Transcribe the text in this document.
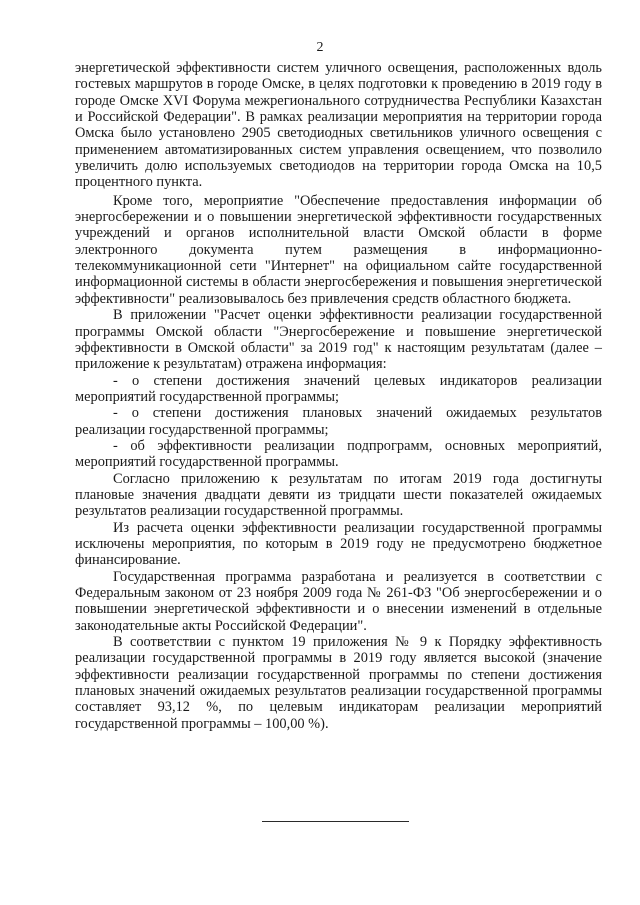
2

энергетической эффективности систем уличного освещения, расположенных вдоль гостевых маршрутов в городе Омске, в целях подготовки к проведению в 2019 году в городе Омске XVI Форума межрегионального сотрудничества Республики Казахстан и Российской Федерации". В рамках реализации мероприятия на территории города Омска было установлено 2905 светодиодных светильников уличного освещения с применением автоматизированных систем управления освещением, что позволило увеличить долю используемых светодиодов на территории города Омска на 10,5 процентного пункта.

Кроме того, мероприятие "Обеспечение предоставления информации об энергосбережении и о повышении энергетической эффективности государственных учреждений и органов исполнительной власти Омской области в форме электронного документа путем размещения в информационно-телекоммуникационной сети "Интернет" на официальном сайте государственной информационной системы в области энергосбережения и повышения энергетической эффективности" реализовывалось без привлечения средств областного бюджета.

В приложении "Расчет оценки эффективности реализации государственной программы Омской области "Энергосбережение и повышение энергетической эффективности в Омской области" за 2019 год" к настоящим результатам (далее – приложение к результатам) отражена информация:

- о степени достижения значений целевых индикаторов реализации мероприятий государственной программы;

- о степени достижения плановых значений ожидаемых результатов реализации государственной программы;

- об эффективности реализации подпрограмм, основных мероприятий, мероприятий государственной программы.

Согласно приложению к результатам по итогам 2019 года достигнуты плановые значения двадцати девяти из тридцати шести показателей ожидаемых результатов реализации государственной программы.

Из расчета оценки эффективности реализации государственной программы исключены мероприятия, по которым в 2019 году не предусмотрено бюджетное финансирование.

Государственная программа разработана и реализуется в соответствии с Федеральным законом от 23 ноября 2009 года № 261-ФЗ "Об энергосбережении и о повышении энергетической эффективности и о внесении изменений в отдельные законодательные акты Российской Федерации".

В соответствии с пунктом 19 приложения № 9 к Порядку эффективность реализации государственной программы в 2019 году является высокой (значение эффективности реализации государственной программы по степени достижения плановых значений ожидаемых результатов реализации государственной программы составляет 93,12 %, по целевым индикаторам реализации мероприятий государственной программы – 100,00 %).
